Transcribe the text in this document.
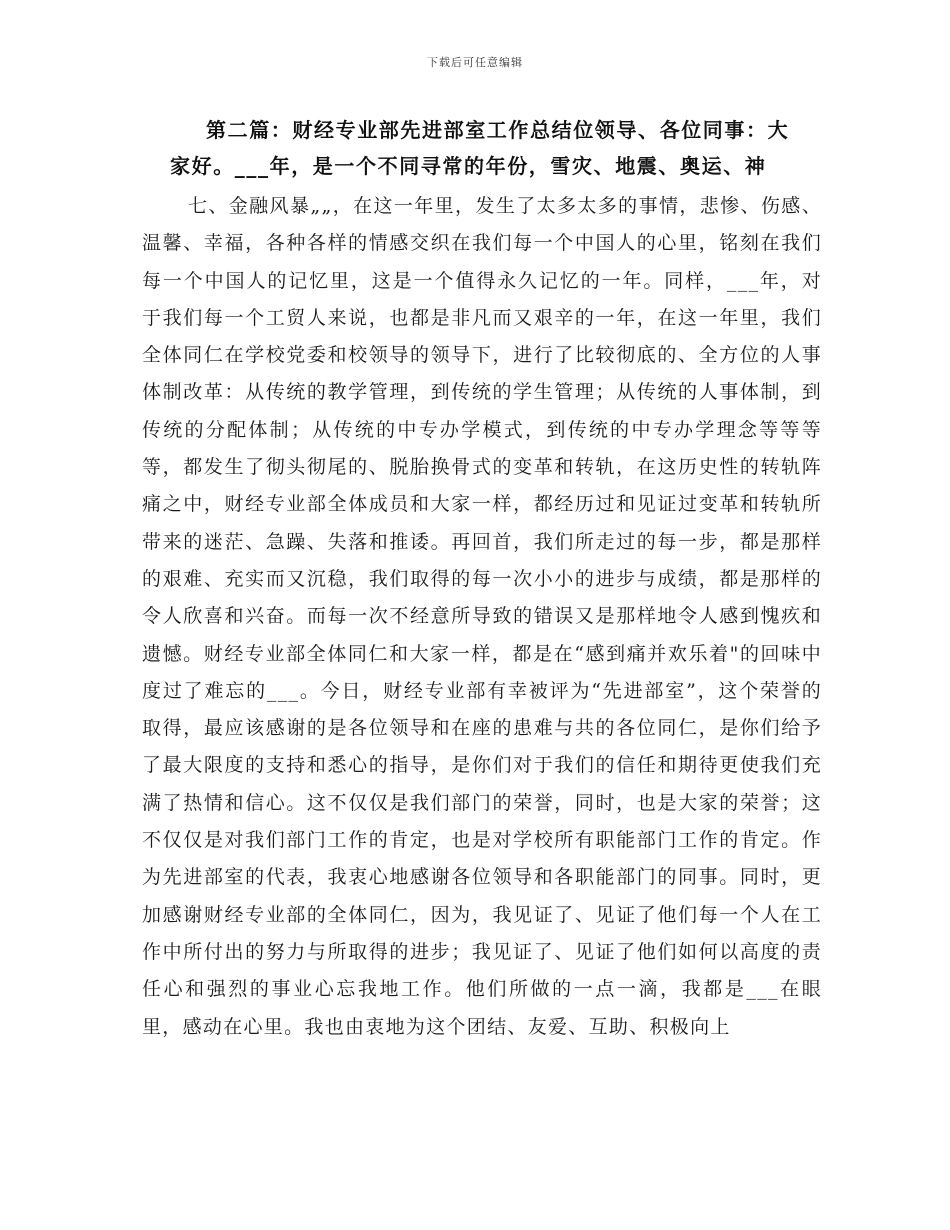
下载后可任意编辑

第二篇：财经专业部先进部室工作总结位领导、各位同事：大家好。___年，是一个不同寻常的年份，雪灾、地震、奥运、神

七、金融风暴„„，在这一年里，发生了太多太多的事情，悲惨、伤感、温馨、幸福，各种各样的情感交织在我们每一个中国人的心里，铭刻在我们每一个中国人的记忆里，这是一个值得永久记忆的一年。同样，___年，对于我们每一个工贸人来说，也都是非凡而又艰辛的一年，在这一年里，我们全体同仁在学校党委和校领导的领导下，进行了比较彻底的、全方位的人事体制改革：从传统的教学管理，到传统的学生管理；从传统的人事体制，到传统的分配体制；从传统的中专办学模式，到传统的中专办学理念等等等等，都发生了彻头彻尾的、脱胎换骨式的变革和转轨，在这历史性的转轨阵痛之中，财经专业部全体成员和大家一样，都经历过和见证过变革和转轨所带来的迷茫、急躁、失落和推诿。再回首，我们所走过的每一步，都是那样的艰难、充实而又沉稳，我们取得的每一次小小的进步与成绩，都是那样的令人欣喜和兴奋。而每一次不经意所导致的错误又是那样地令人感到愧疚和遗憾。财经专业部全体同仁和大家一样，都是在“感到痛并欢乐着"的回味中度过了难忘的___。今日，财经专业部有幸被评为“先进部室”，这个荣誉的取得，最应该感谢的是各位领导和在座的患难与共的各位同仁，是你们给予了最大限度的支持和悉心的指导，是你们对于我们的信任和期待更使我们充满了热情和信心。这不仅仅是我们部门的荣誉，同时，也是大家的荣誉；这不仅仅是对我们部门工作的肯定，也是对学校所有职能部门工作的肯定。作为先进部室的代表，我衷心地感谢各位领导和各职能部门的同事。同时，更加感谢财经专业部的全体同仁，因为，我见证了、见证了他们每一个人在工作中所付出的努力与所取得的进步；我见证了、见证了他们如何以高度的责任心和强烈的事业心忘我地工作。他们所做的一点一滴，我都是___在眼里，感动在心里。我也由衷地为这个团结、友爱、互助、积极向上
